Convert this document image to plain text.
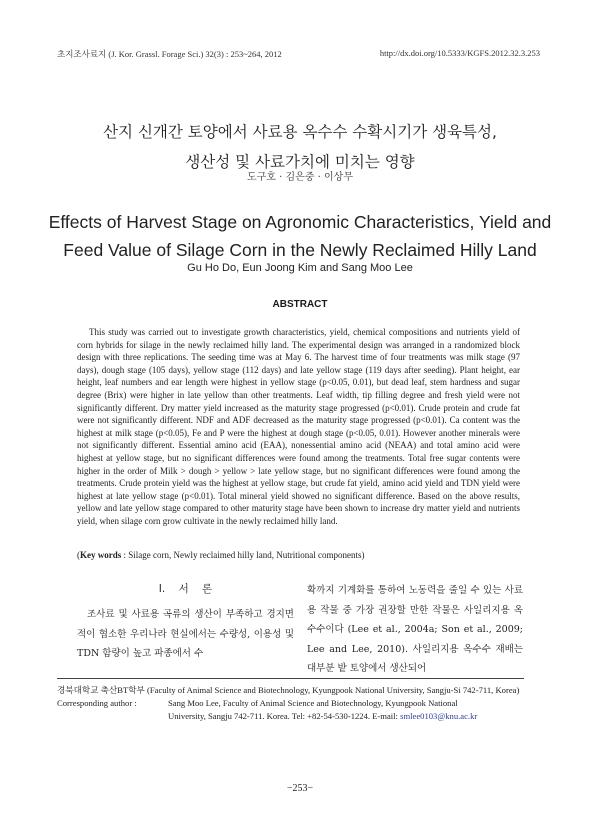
초지조사료지 (J. Kor. Grassl. Forage Sci.) 32(3) : 253~264, 2012	http://dx.doi.org/10.5333/KGFS.2012.32.3.253
산지 신개간 토양에서 사료용 옥수수 수확시기가 생육특성,
생산성 및 사료가치에 미치는 영향
도구호 · 김은중 · 이상무
Effects of Harvest Stage on Agronomic Characteristics, Yield and
Feed Value of Silage Corn in the Newly Reclaimed Hilly Land
Gu Ho Do, Eun Joong Kim and Sang Moo Lee
ABSTRACT

This study was carried out to investigate growth characteristics, yield, chemical compositions and nutrients yield of corn hybrids for silage in the newly reclaimed hilly land. The experimental design was arranged in a randomized block design with three replications. The seeding time was at May 6. The harvest time of four treatments was milk stage (97 days), dough stage (105 days), yellow stage (112 days) and late yellow stage (119 days after seeding). Plant height, ear height, leaf numbers and ear length were highest in yellow stage (p<0.05, 0.01), but dead leaf, stem hardness and sugar degree (Brix) were higher in late yellow than other treatments. Leaf width, tip filling degree and fresh yield were not significantly different. Dry matter yield increased as the maturity stage progressed (p<0.01). Crude protein and crude fat were not significantly different. NDF and ADF decreased as the maturity stage progressed (p<0.01). Ca content was the highest at milk stage (p<0.05), Fe and P were the highest at dough stage (p<0.05, 0.01). However another minerals were not significantly different. Essential amino acid (EAA), nonessential amino acid (NEAA) and total amino acid were highest at yellow stage, but no significant differences were found among the treatments. Total free sugar contents were higher in the order of Milk > dough > yellow > late yellow stage, but no significant differences were found among the treatments. Crude protein yield was the highest at yellow stage, but crude fat yield, amino acid yield and TDN yield were highest at late yellow stage (p<0.01). Total mineral yield showed no significant difference. Based on the above results, yellow and late yellow stage compared to other maturity stage have been shown to increase dry matter yield and nutrients yield, when silage corn grow cultivate in the newly reclaimed hilly land.

(Key words : Silage corn, Newly reclaimed hilly land, Nutritional components)
Ⅰ. 서 론

조사료 및 사료용 곡류의 생산이 부족하고 경지면적이 협소한 우리나라 현실에서는 수량성, 이용성 및 TDN 함량이 높고 파종에서 수

확까지 기계화를 통하여 노동력을 줄일 수 있는 사료용 작물 중 가장 권장할 만한 작물은 사일리지용 옥수수이다 (Lee et al., 2004a; Son et al., 2009; Lee and Lee, 2010). 사일리지용 옥수수 재배는 대부분 밭 토양에서 생산되어

경북대학교 축산BT학부 (Faculty of Animal Science and Biotechnology, Kyungpook National University, Sangju-Si 742-711, Korea)
Corresponding author :	Sang Moo Lee, Faculty of Animal Science and Biotechnology, Kyungpook National
University, Sangju 742-711. Korea. Tel: +82-54-530-1224. E-mail: smlee0103@knu.ac.kr
−253−
